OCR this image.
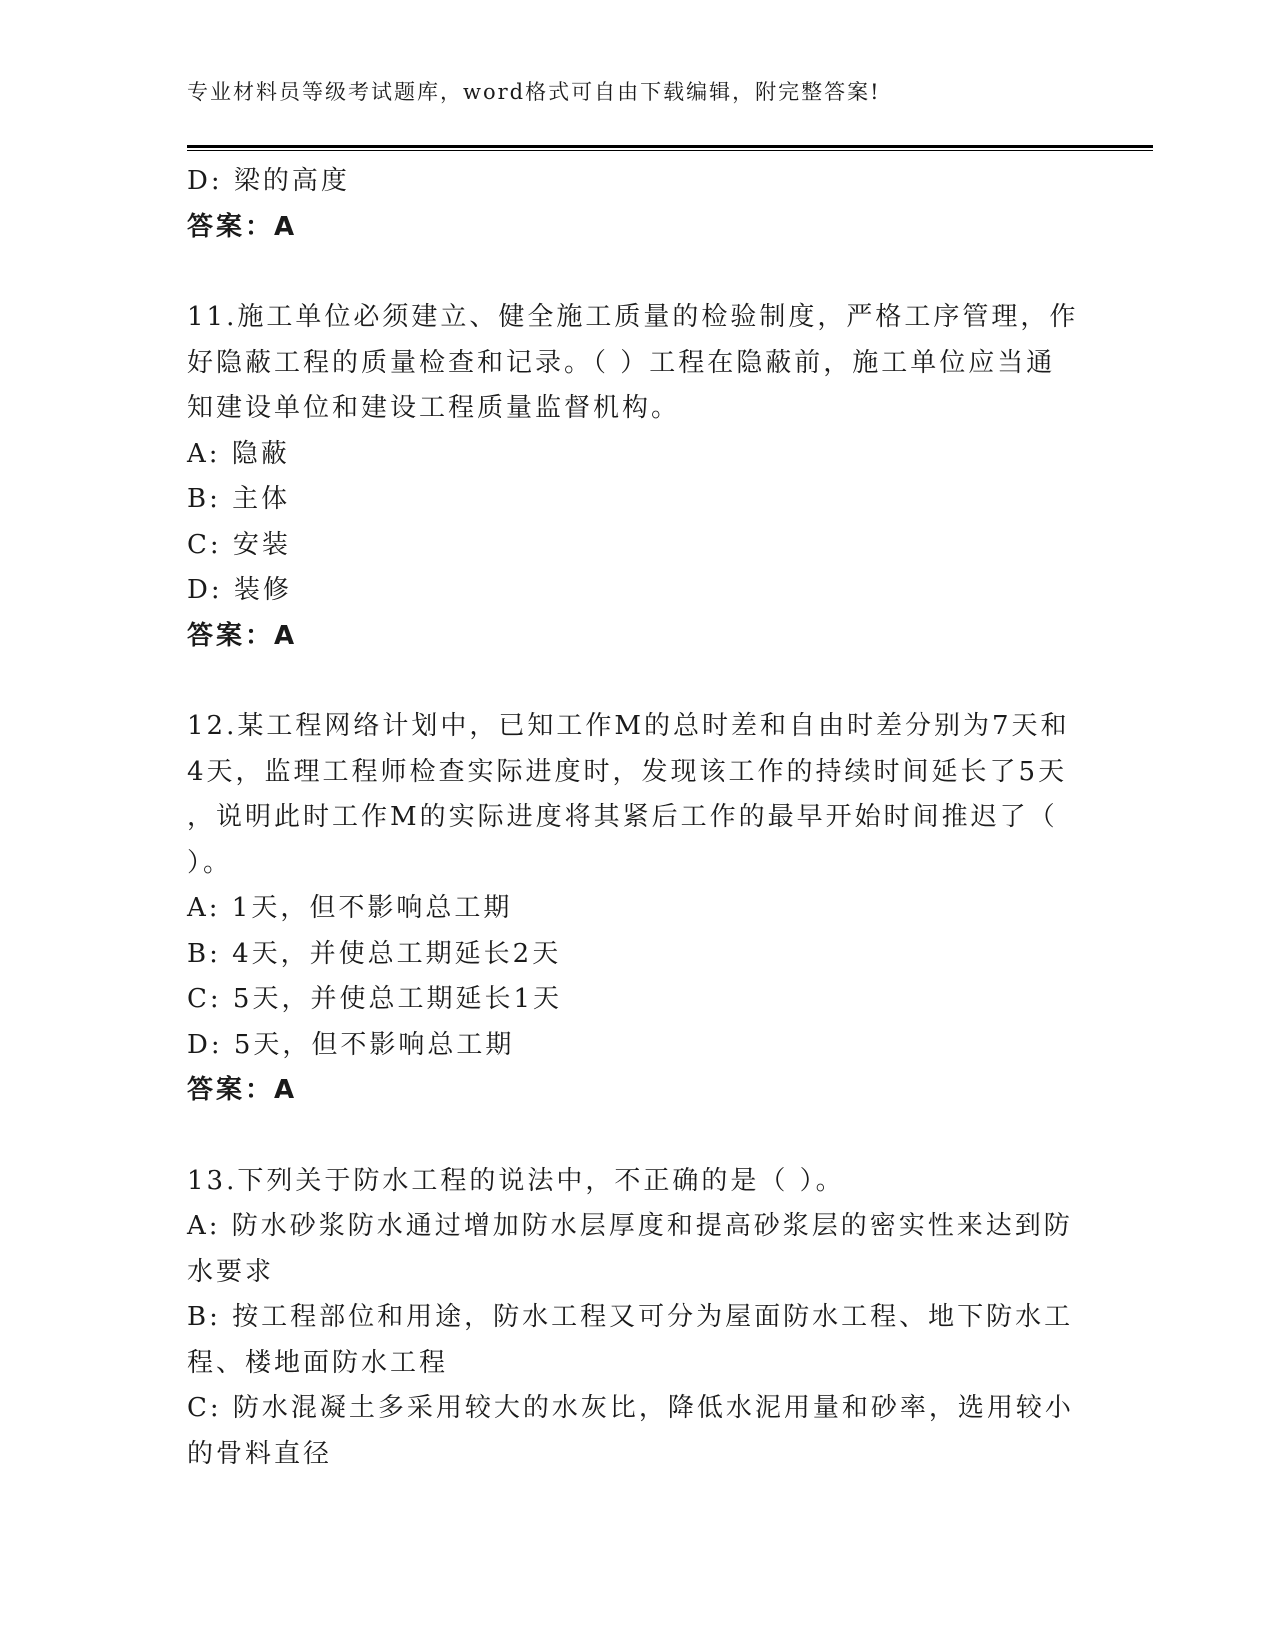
专业材料员等级考试题库，word格式可自由下载编辑，附完整答案!

D: 梁的高度

答案：A

11.施工单位必须建立、健全施工质量的检验制度，严格工序管理，作

好隐蔽工程的质量检查和记录。（ ）工程在隐蔽前，施工单位应当通

知建设单位和建设工程质量监督机构。

A: 隐蔽

B: 主体

C: 安装

D: 装修

答案：A

12.某工程网络计划中，已知工作M的总时差和自由时差分别为7天和

4天，监理工程师检查实际进度时，发现该工作的持续时间延长了5天

，说明此时工作M的实际进度将其紧后工作的最早开始时间推迟了（

）。

A: 1天，但不影响总工期

B: 4天，并使总工期延长2天

C: 5天，并使总工期延长1天

D: 5天，但不影响总工期

答案：A

13.下列关于防水工程的说法中，不正确的是（ ）。

A: 防水砂浆防水通过增加防水层厚度和提高砂浆层的密实性来达到防

水要求

B: 按工程部位和用途，防水工程又可分为屋面防水工程、地下防水工

程、楼地面防水工程

C: 防水混凝土多采用较大的水灰比，降低水泥用量和砂率，选用较小

的骨料直径
